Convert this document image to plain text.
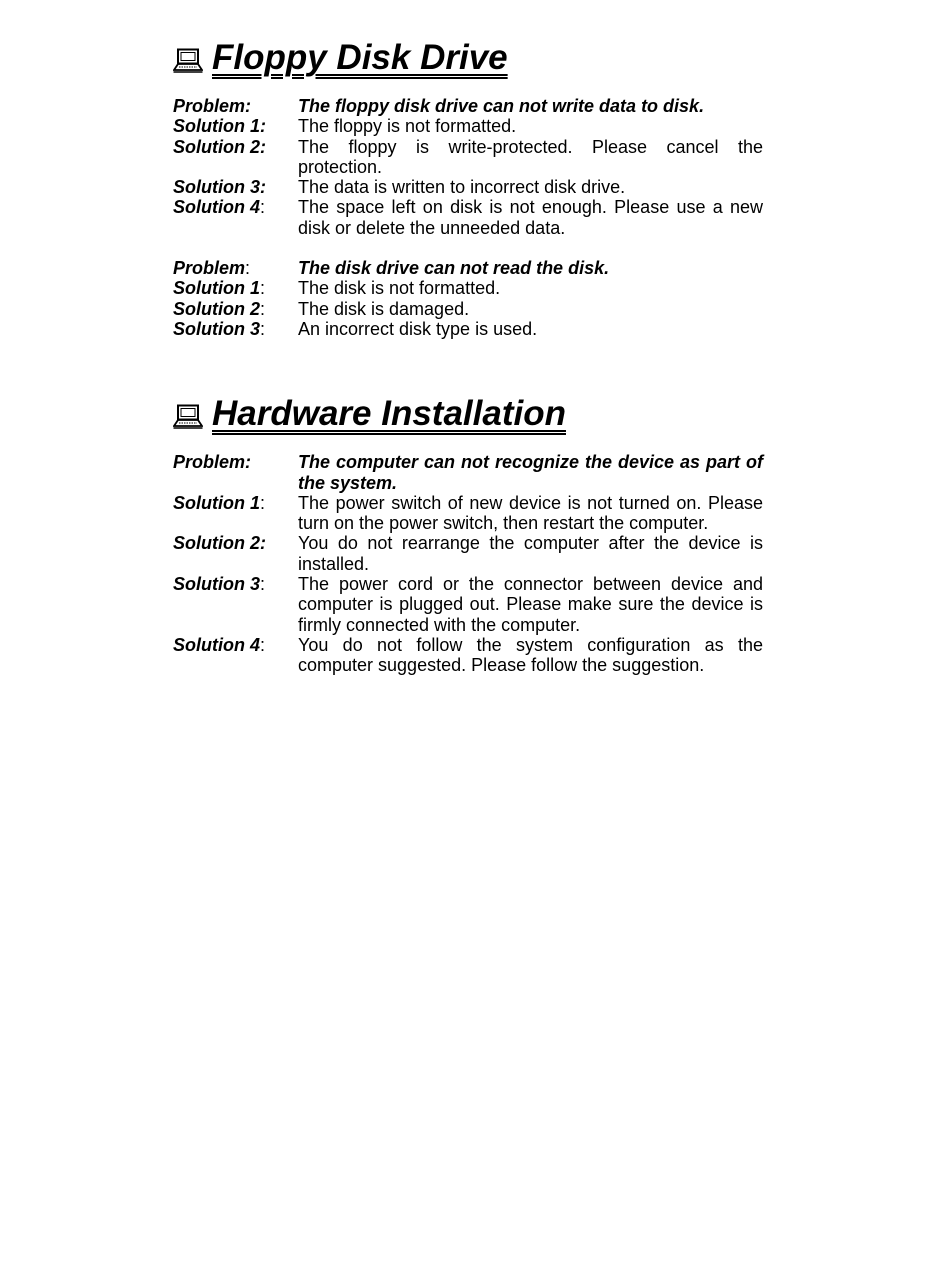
Floppy Disk Drive
Problem:	The floppy disk drive can not write data to disk.
Solution 1:	The floppy is not formatted.
Solution 2:	The floppy is write-protected. Please cancel the protection.
Solution 3:	The data is written to incorrect disk drive.
Solution 4:	The space left on disk is not enough. Please use a new disk or delete the unneeded data.
Problem:	The disk drive can not read the disk.
Solution 1:	The disk is not formatted.
Solution 2:	The disk is damaged.
Solution 3:	An incorrect disk type is used.
Hardware Installation
Problem:	The computer can not recognize the device as part of the system.
Solution 1:	The power switch of new device is not turned on. Please turn on the power switch, then restart the computer.
Solution 2:	You do not rearrange the computer after the device is installed.
Solution 3:	The power cord or the connector between device and computer is plugged out. Please make sure the device is firmly connected with the computer.
Solution 4:	You do not follow the system configuration as the computer suggested. Please follow the suggestion.
